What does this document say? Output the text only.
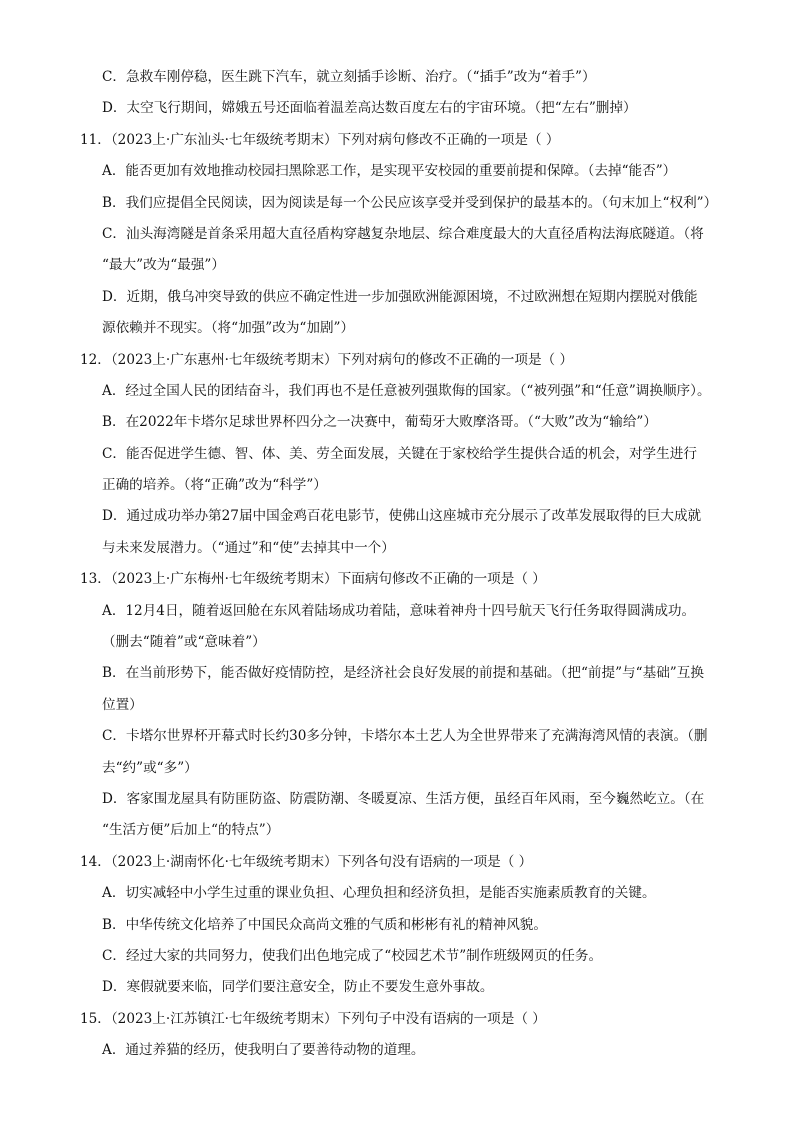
C．急救车刚停稳，医生跳下汽车，就立刻插手诊断、治疗。（“插手”改为“着手”）
D．太空飞行期间，嫦娥五号还面临着温差高达数百度左右的宇宙环境。（把“左右”删掉）
11．（2023上·广东汕头·七年级统考期末）下列对病句修改不正确的一项是（ ）
A．能否更加有效地推动校园扫黑除恶工作，是实现平安校园的重要前提和保障。（去掉“能否”）
B．我们应提倡全民阅读，因为阅读是每一个公民应该享受并受到保护的最基本的。（句末加上“权利”）
C．汕头海湾隧是首条采用超大直径盾构穿越复杂地层、综合难度最大的大直径盾构法海底隧道。（将
“最大”改为“最强”）
D．近期，俄乌冲突导致的供应不确定性进一步加强欧洲能源困境，不过欧洲想在短期内摆脱对俄能
源依赖并不现实。（将“加强”改为“加剧”）
12．（2023上·广东惠州·七年级统考期末）下列对病句的修改不正确的一项是（ ）
A．经过全国人民的团结奋斗，我们再也不是任意被列强欺侮的国家。（“被列强”和“任意”调换顺序）。
B．在2022年卡塔尔足球世界杯四分之一决赛中，葡萄牙大败摩洛哥。（“大败”改为“输给”）
C．能否促进学生德、智、体、美、劳全面发展，关键在于家校给学生提供合适的机会，对学生进行
正确的培养。（将“正确”改为“科学”）
D．通过成功举办第27届中国金鸡百花电影节，使佛山这座城市充分展示了改革发展取得的巨大成就
与未来发展潜力。（“通过”和“使”去掉其中一个）
13．（2023上·广东梅州·七年级统考期末）下面病句修改不正确的一项是（ ）
A．12月4日，随着返回舱在东风着陆场成功着陆，意味着神舟十四号航天飞行任务取得圆满成功。
（删去“随着”或“意味着”）
B．在当前形势下，能否做好疫情防控，是经济社会良好发展的前提和基础。（把“前提”与“基础”互换
位置）
C．卡塔尔世界杯开幕式时长约30多分钟，卡塔尔本土艺人为全世界带来了充满海湾风情的表演。（删
去“约”或“多”）
D．客家围龙屋具有防匪防盗、防震防潮、冬暖夏凉、生活方便，虽经百年风雨，至今巍然屹立。（在
“生活方便”后加上“的特点”）
14．（2023上·湖南怀化·七年级统考期末）下列各句没有语病的一项是（ ）
A．切实减轻中小学生过重的课业负担、心理负担和经济负担，是能否实施素质教育的关键。
B．中华传统文化培养了中国民众高尚文雅的气质和彬彬有礼的精神风貌。
C．经过大家的共同努力，使我们出色地完成了“校园艺术节”制作班级网页的任务。
D．寒假就要来临，同学们要注意安全，防止不要发生意外事故。
15．（2023上·江苏镇江·七年级统考期末）下列句子中没有语病的一项是（ ）
A．通过养猫的经历，使我明白了要善待动物的道理。
